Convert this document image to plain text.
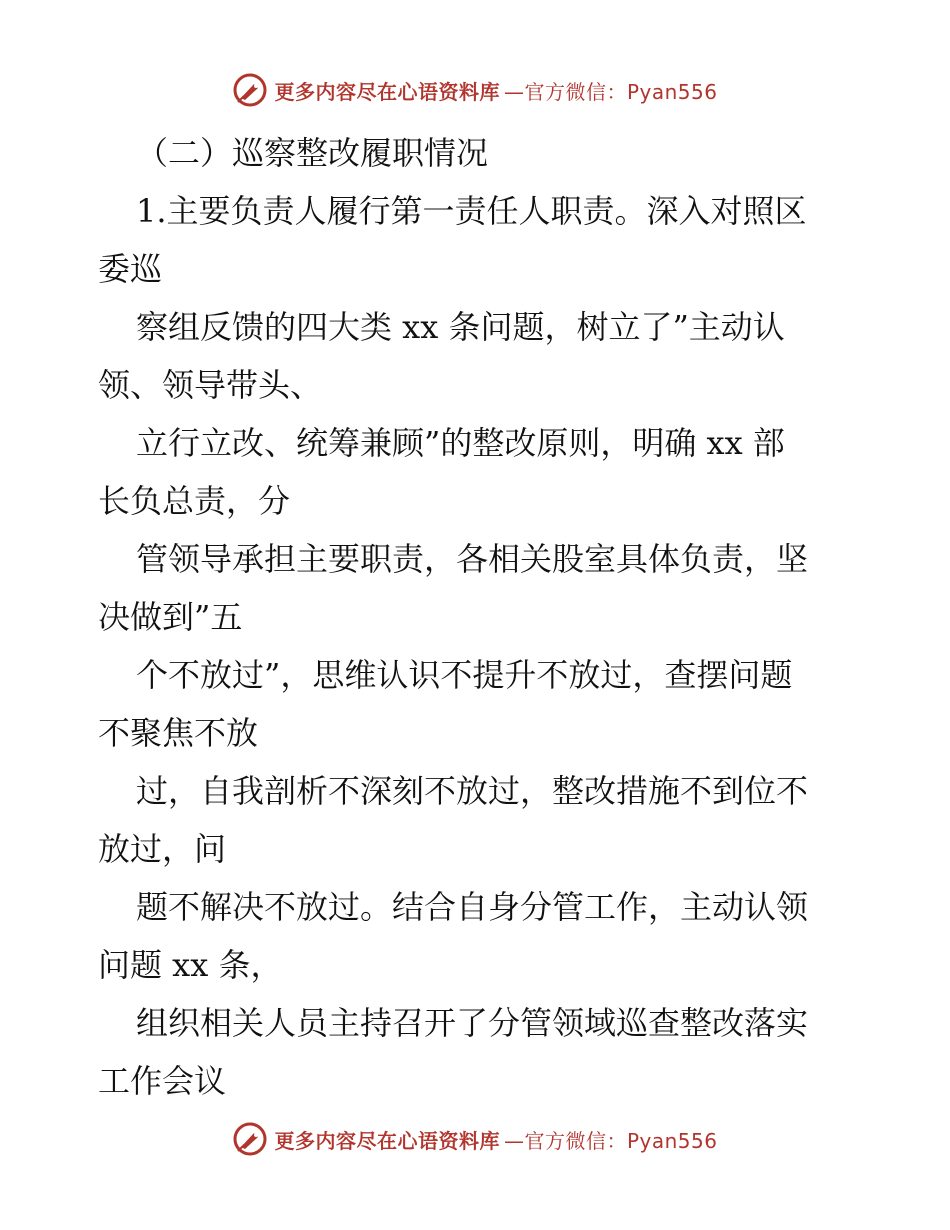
更多内容尽在心语资料库 —官方微信：Pyan556
（二）巡察整改履职情况
1.主要负责人履行第一责任人职责。深入对照区
委巡
察组反馈的四大类 xx 条问题，树立了”主动认
领、领导带头、
立行立改、统筹兼顾”的整改原则，明确 xx 部
长负总责，分
管领导承担主要职责，各相关股室具体负责，坚
决做到”五
个不放过”，思维认识不提升不放过，查摆问题
不聚焦不放
过，自我剖析不深刻不放过，整改措施不到位不
放过，问
题不解决不放过。结合自身分管工作，主动认领
问题 xx 条，
组织相关人员主持召开了分管领域巡查整改落实
工作会议
更多内容尽在心语资料库 —官方微信：Pyan556
